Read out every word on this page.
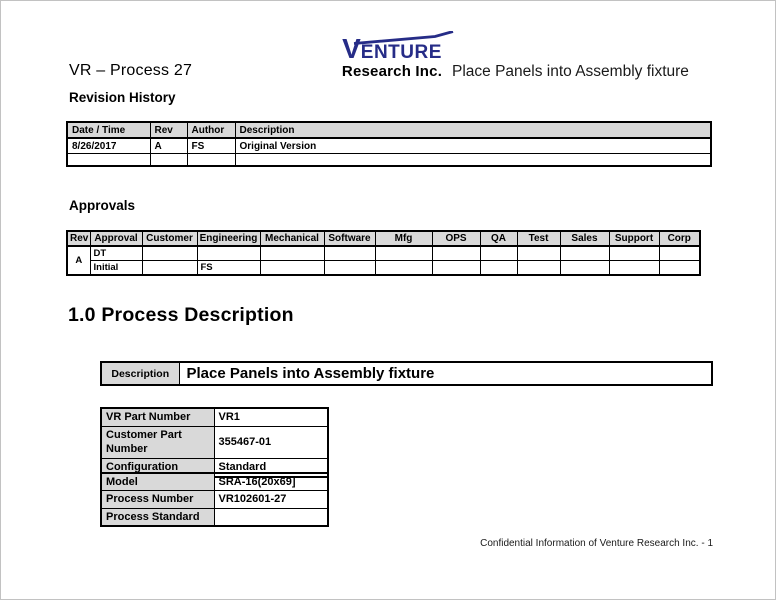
VR – Process 27
VENTURE
Research Inc. Place Panels into Assembly fixture
Revision History
Date / Time	Rev	Author	Description
8/26/2017	A	FS	Original Version

Approvals
Rev	Approval	Customer	Engineering	Mechanical	Software	Mfg	OPS	QA	Test	Sales	Support	Corp
A	DT											
	Initial		FS									
1.0 Process Description
Description	Place Panels into Assembly fixture
VR Part Number	VR1
Customer Part Number	355467-01
Configuration	Standard
Model	SRA-16(20x69]
Process Number	VR102601-27
Process Standard	
Confidential Information of Venture Research Inc. - 1
